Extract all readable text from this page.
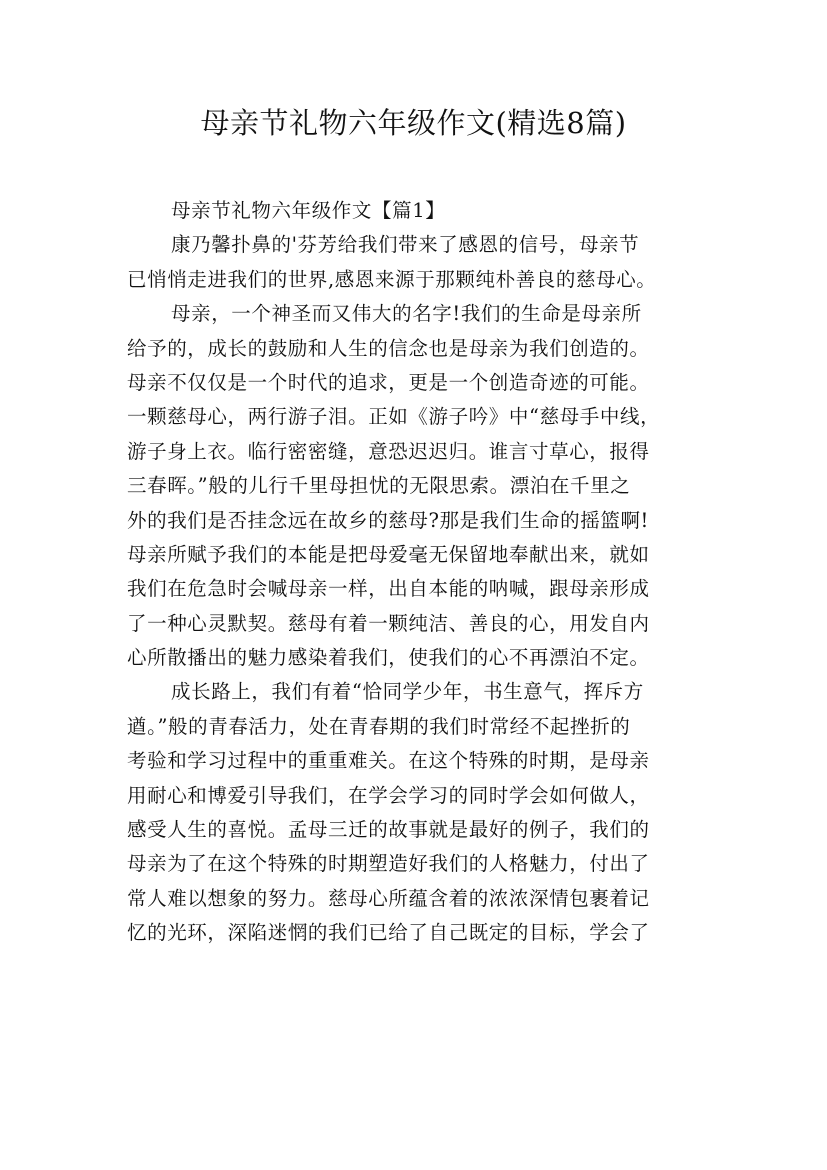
母亲节礼物六年级作文(精选8篇)
母亲节礼物六年级作文【篇1】
康乃馨扑鼻的'芬芳给我们带来了感恩的信号，母亲节
已悄悄走进我们的世界,感恩来源于那颗纯朴善良的慈母心。
母亲，一个神圣而又伟大的名字!我们的生命是母亲所
给予的，成长的鼓励和人生的信念也是母亲为我们创造的。
母亲不仅仅是一个时代的追求，更是一个创造奇迹的可能。
一颗慈母心，两行游子泪。正如《游子吟》中“慈母手中线，
游子身上衣。临行密密缝，意恐迟迟归。谁言寸草心，报得
三春晖。”般的儿行千里母担忧的无限思索。漂泊在千里之
外的我们是否挂念远在故乡的慈母?那是我们生命的摇篮啊!
母亲所赋予我们的本能是把母爱毫无保留地奉献出来，就如
我们在危急时会喊母亲一样，出自本能的呐喊，跟母亲形成
了一种心灵默契。慈母有着一颗纯洁、善良的心，用发自内
心所散播出的魅力感染着我们，使我们的心不再漂泊不定。
成长路上，我们有着“恰同学少年，书生意气，挥斥方
遒。”般的青春活力，处在青春期的我们时常经不起挫折的
考验和学习过程中的重重难关。在这个特殊的时期，是母亲
用耐心和博爱引导我们，在学会学习的同时学会如何做人，
感受人生的喜悦。孟母三迁的故事就是最好的例子，我们的
母亲为了在这个特殊的时期塑造好我们的人格魅力，付出了
常人难以想象的努力。慈母心所蕴含着的浓浓深情包裹着记
忆的光环，深陷迷惘的我们已给了自己既定的目标，学会了
